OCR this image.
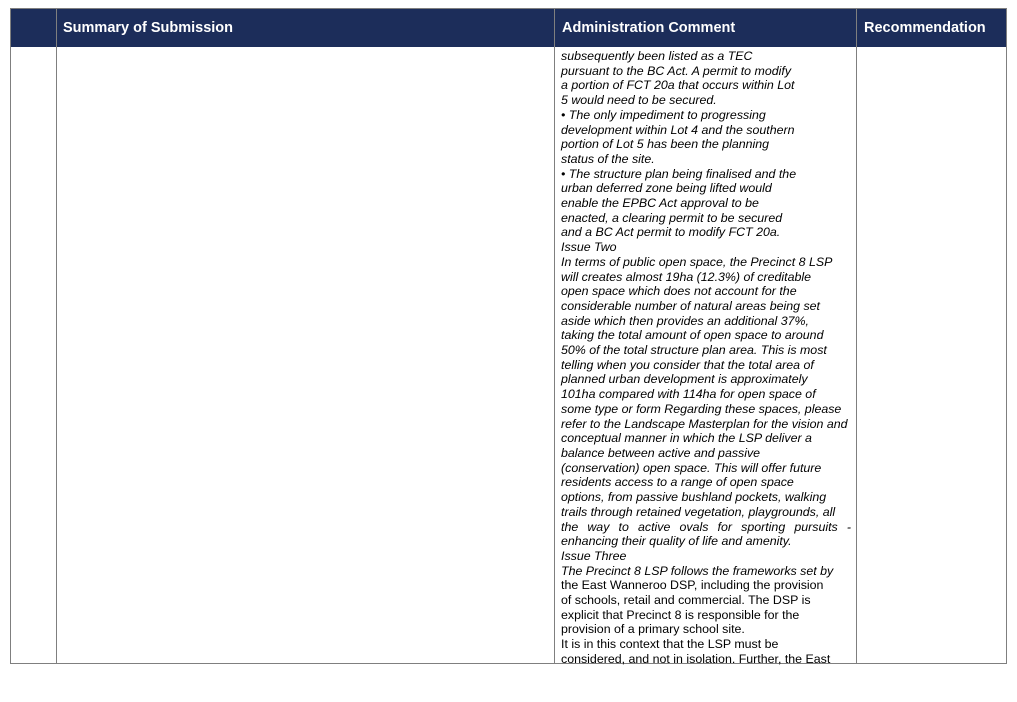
Summary of Submission	Administration Comment	Recommendation
subsequently been listed as a TEC
pursuant to the BC Act. A permit to modify
a portion of FCT 20a that occurs within Lot
5 would need to be secured.
• The only impediment to progressing
development within Lot 4 and the southern
portion of Lot 5 has been the planning
status of the site.
• The structure plan being finalised and the
urban deferred zone being lifted would
enable the EPBC Act approval to be
enacted, a clearing permit to be secured
and a BC Act permit to modify FCT 20a.
Issue Two
In terms of public open space, the Precinct 8 LSP
will creates almost 19ha (12.3%) of creditable
open space which does not account for the
considerable number of natural areas being set
aside which then provides an additional 37%,
taking the total amount of open space to around
50% of the total structure plan area. This is most
telling when you consider that the total area of
planned urban development is approximately
101ha compared with 114ha for open space of
some type or form Regarding these spaces, please
refer to the Landscape Masterplan for the vision and
conceptual manner in which the LSP deliver a
balance between active and passive
(conservation) open space. This will offer future
residents access to a range of open space
options, from passive bushland pockets, walking
trails through retained vegetation, playgrounds, all
the way to active ovals for sporting pursuits -
enhancing their quality of life and amenity.
Issue Three
The Precinct 8 LSP follows the frameworks set by
the East Wanneroo DSP, including the provision
of schools, retail and commercial. The DSP is
explicit that Precinct 8 is responsible for the
provision of a primary school site.
It is in this context that the LSP must be
considered, and not in isolation. Further, the East
